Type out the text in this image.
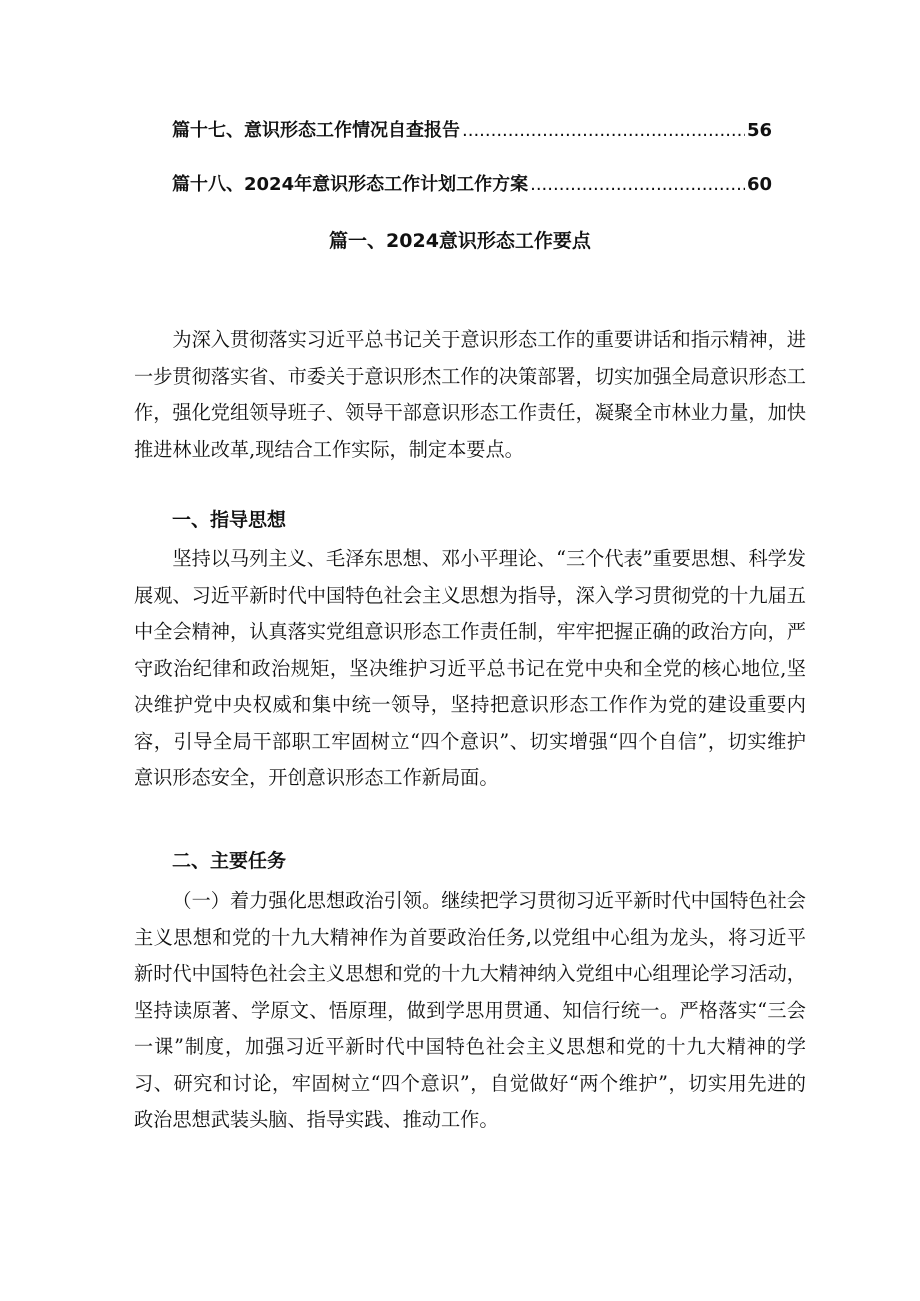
篇十七、意识形态工作情况自查报告 .....	56
篇十八、2024年意识形态工作计划工作方案 .....	60
篇一、2024意识形态工作要点

为深入贯彻落实习近平总书记关于意识形态工作的重要讲话和指示精神，进一步贯彻落实省、市委关于意识形杰工作的决策部署，切实加强全局意识形态工作，强化党组领导班子、领导干部意识形态工作责任，凝聚全市林业力量，加快推进林业改革,现结合工作实际，制定本要点。

一、指导思想

坚持以马列主义、毛泽东思想、邓小平理论、“三个代表”重要思想、科学发展观、习近平新时代中国特色社会主义思想为指导，深入学习贯彻党的十九届五中全会精神，认真落实党组意识形态工作责任制，牢牢把握正确的政治方向，严守政治纪律和政治规矩，坚决维护习近平总书记在党中央和全党的核心地位,坚决维护党中央权威和集中统一领导，坚持把意识形态工作作为党的建设重要内容，引导全局干部职工牢固树立“四个意识”、切实增强“四个自信”，切实维护意识形态安全，开创意识形态工作新局面。

二、主要任务

（一）着力强化思想政治引领。继续把学习贯彻习近平新时代中国特色社会主义思想和党的十九大精神作为首要政治任务,以党组中心组为龙头，将习近平新时代中国特色社会主义思想和党的十九大精神纳入党组中心组理论学习活动，坚持读原著、学原文、悟原理，做到学思用贯通、知信行统一。严格落实“三会一课”制度，加强习近平新时代中国特色社会主义思想和党的十九大精神的学习、研究和讨论，牢固树立“四个意识”，自觉做好“两个维护”，切实用先进的政治思想武装头脑、指导实践、推动工作。
